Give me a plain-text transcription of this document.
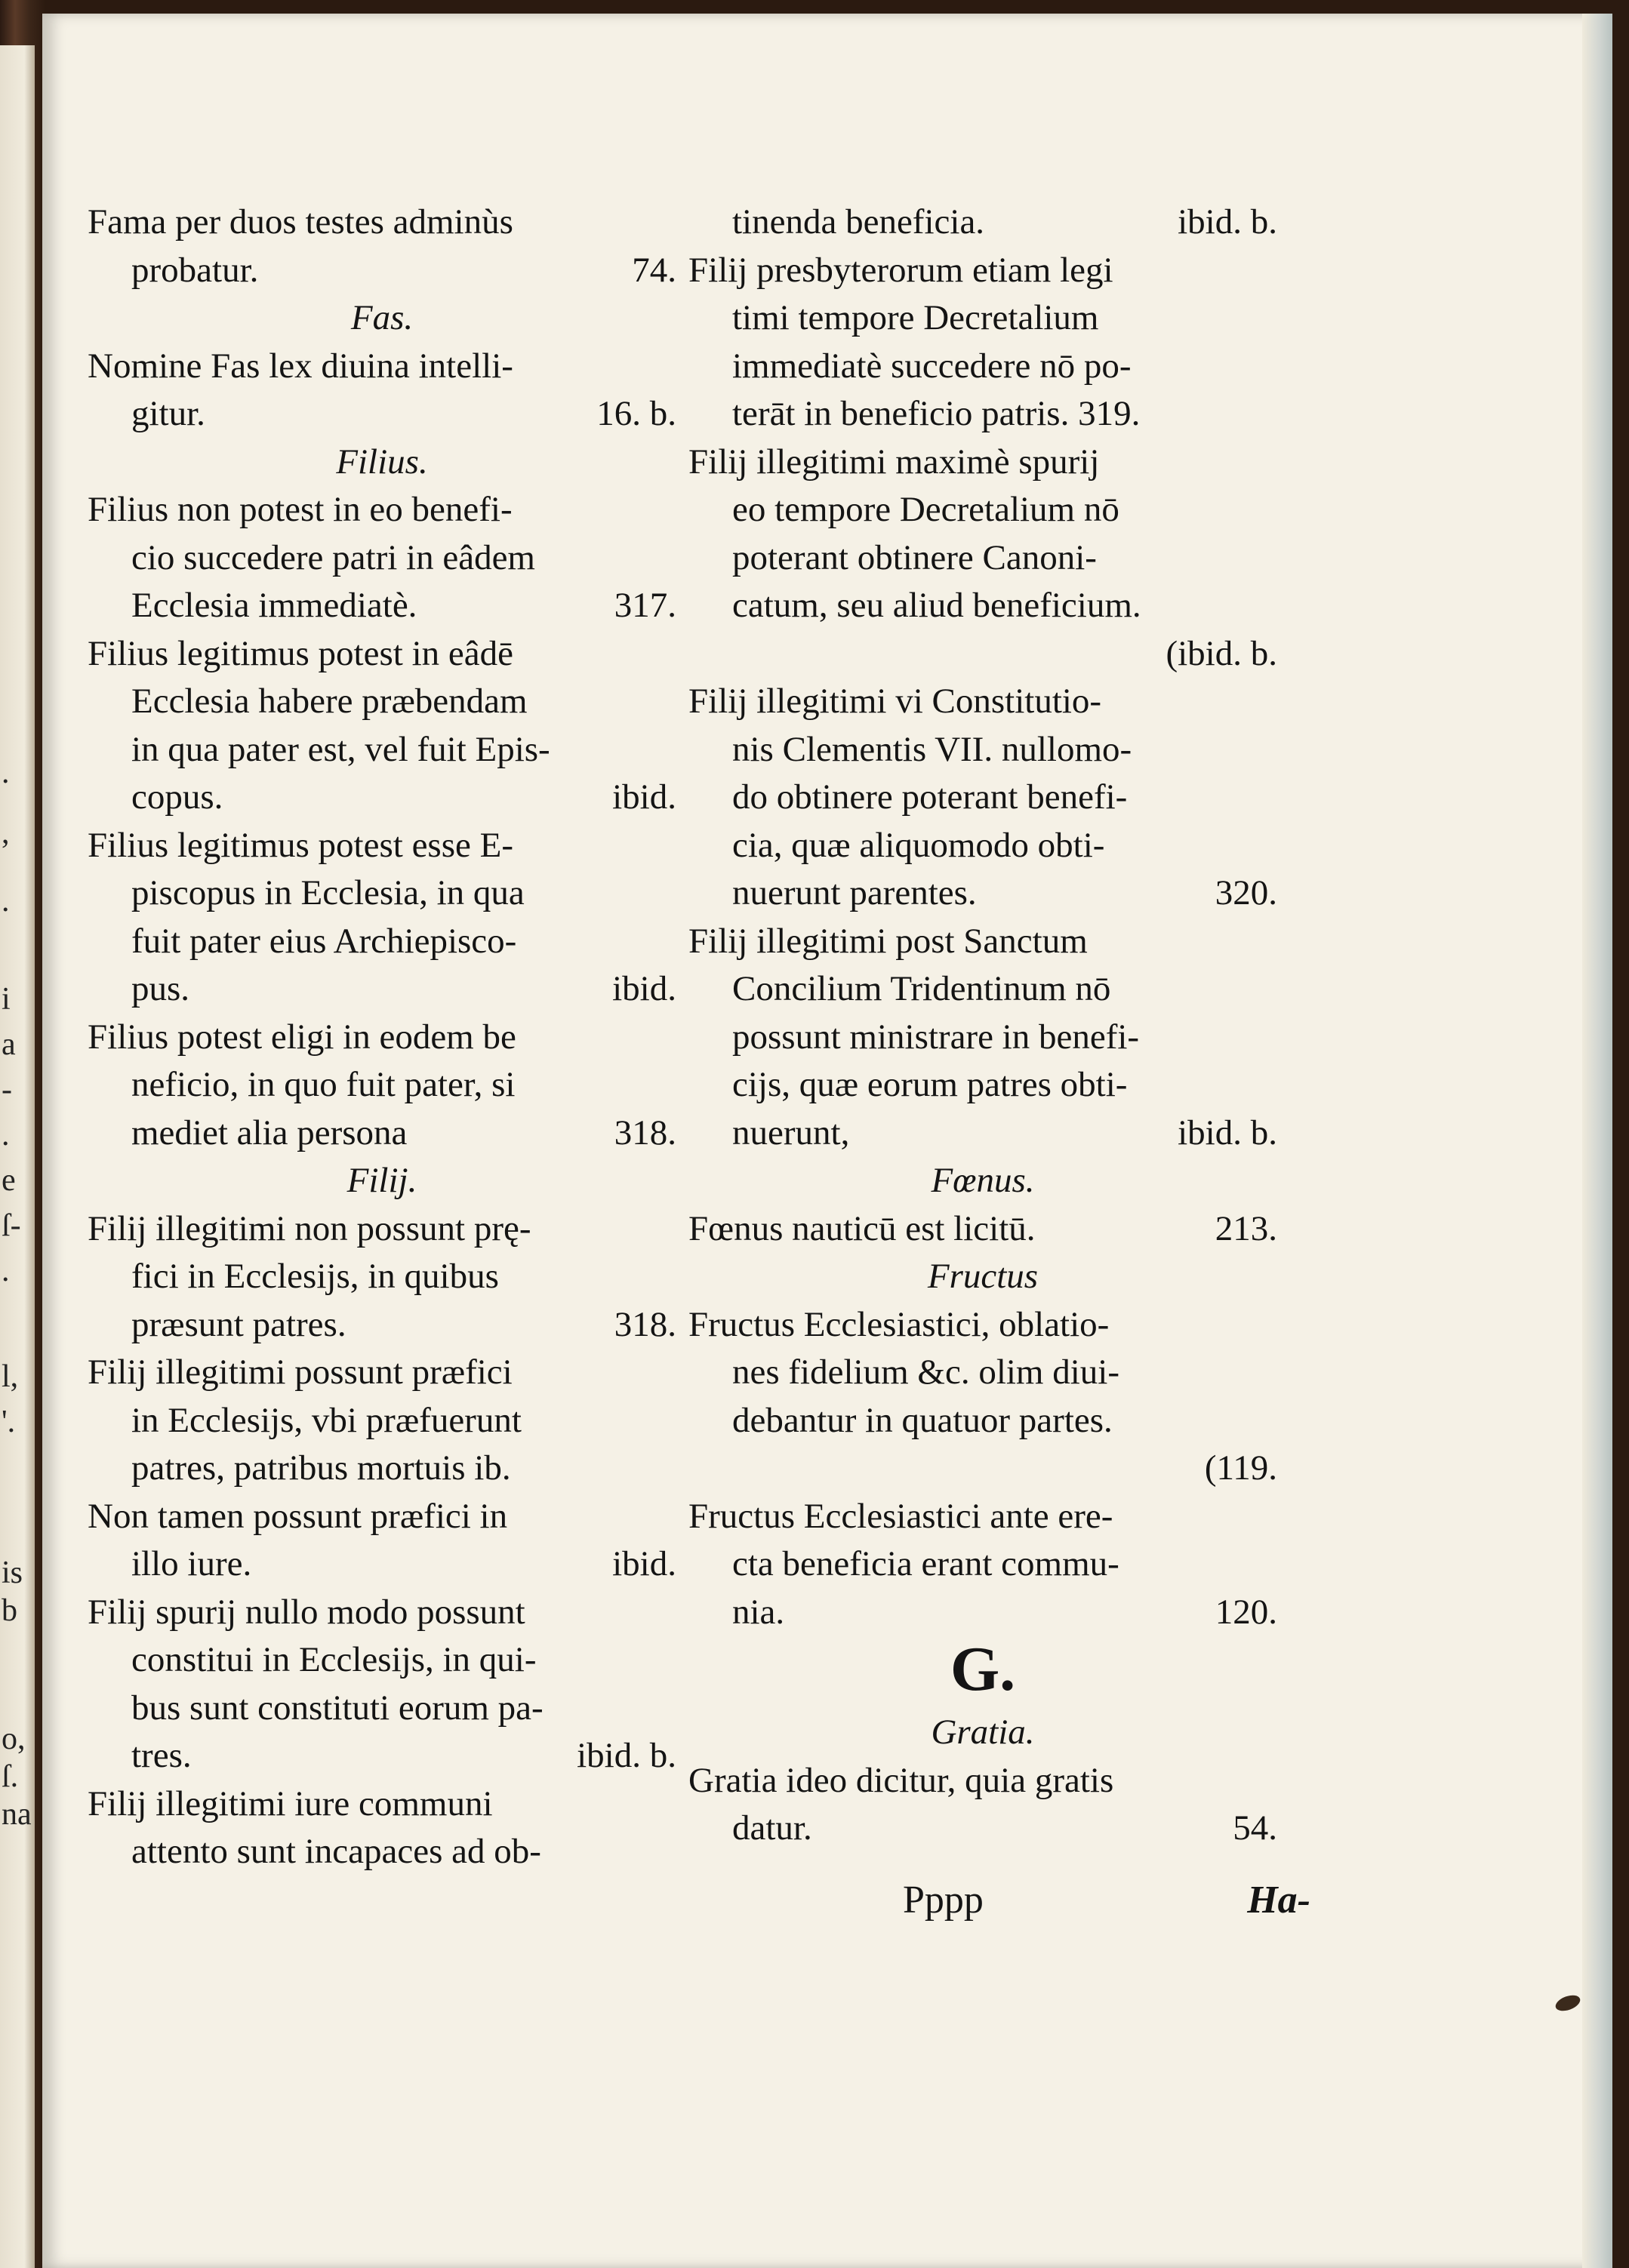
.
,
.
i
a
-
.
e
ſ-
.
l,
'.
is
b
o,
ſ.
na
Fama per duos testes adminùs
probatur.	74.
Fas.
Nomine Fas lex diuina intelli-
gitur.	16. b.
Filius.
Filius non potest in eo benefi-
cio succedere patri in eâdem
Ecclesia immediatè.	317.
Filius legitimus potest in eâdē
Ecclesia habere præbendam
in qua pater est, vel fuit Epis-
copus.	ibid.
Filius legitimus potest esse E-
piscopus in Ecclesia, in qua
fuit pater eius Archiepisco-
pus.	ibid.
Filius potest eligi in eodem be
neficio, in quo fuit pater, si
mediet alia persona	318.
Filij.
Filij illegitimi non possunt prę-
fici in Ecclesijs, in quibus
præsunt patres.	318.
Filij illegitimi possunt præfici
in Ecclesijs, vbi præfuerunt
patres, patribus mortuis ib.
Non tamen possunt præfici in
illo iure.	ibid.
Filij spurij nullo modo possunt
constitui in Ecclesijs, in qui-
bus sunt constituti eorum pa-
tres.	ibid. b.
Filij illegitimi iure communi
attento sunt incapaces ad ob-
tinenda beneficia.	ibid. b.
Filij presbyterorum etiam legi
timi tempore Decretalium
immediatè succedere nō po-
terāt in beneficio patris. 319.
Filij illegitimi maximè spurij
eo tempore Decretalium nō
poterant obtinere Canoni-
catum, seu aliud beneficium.
(ibid. b.
Filij illegitimi vi Constitutio-
nis Clementis VII. nullomo-
do obtinere poterant benefi-
cia, quæ aliquomodo obti-
nuerunt parentes.	320.
Filij illegitimi post Sanctum
Concilium Tridentinum nō
possunt ministrare in benefi-
cijs, quæ eorum patres obti-
nuerunt,	ibid. b.
Fœnus.
Fœnus nauticū est licitū.	213.
Fructus
Fructus Ecclesiastici, oblatio-
nes fidelium &c. olim diui-
debantur in quatuor partes.
(119.
Fructus Ecclesiastici ante ere-
cta beneficia erant commu-
nia.	120.
G.
Gratia.
Gratia ideo dicitur, quia gratis
datur.	54.
Pppp	Ha-
